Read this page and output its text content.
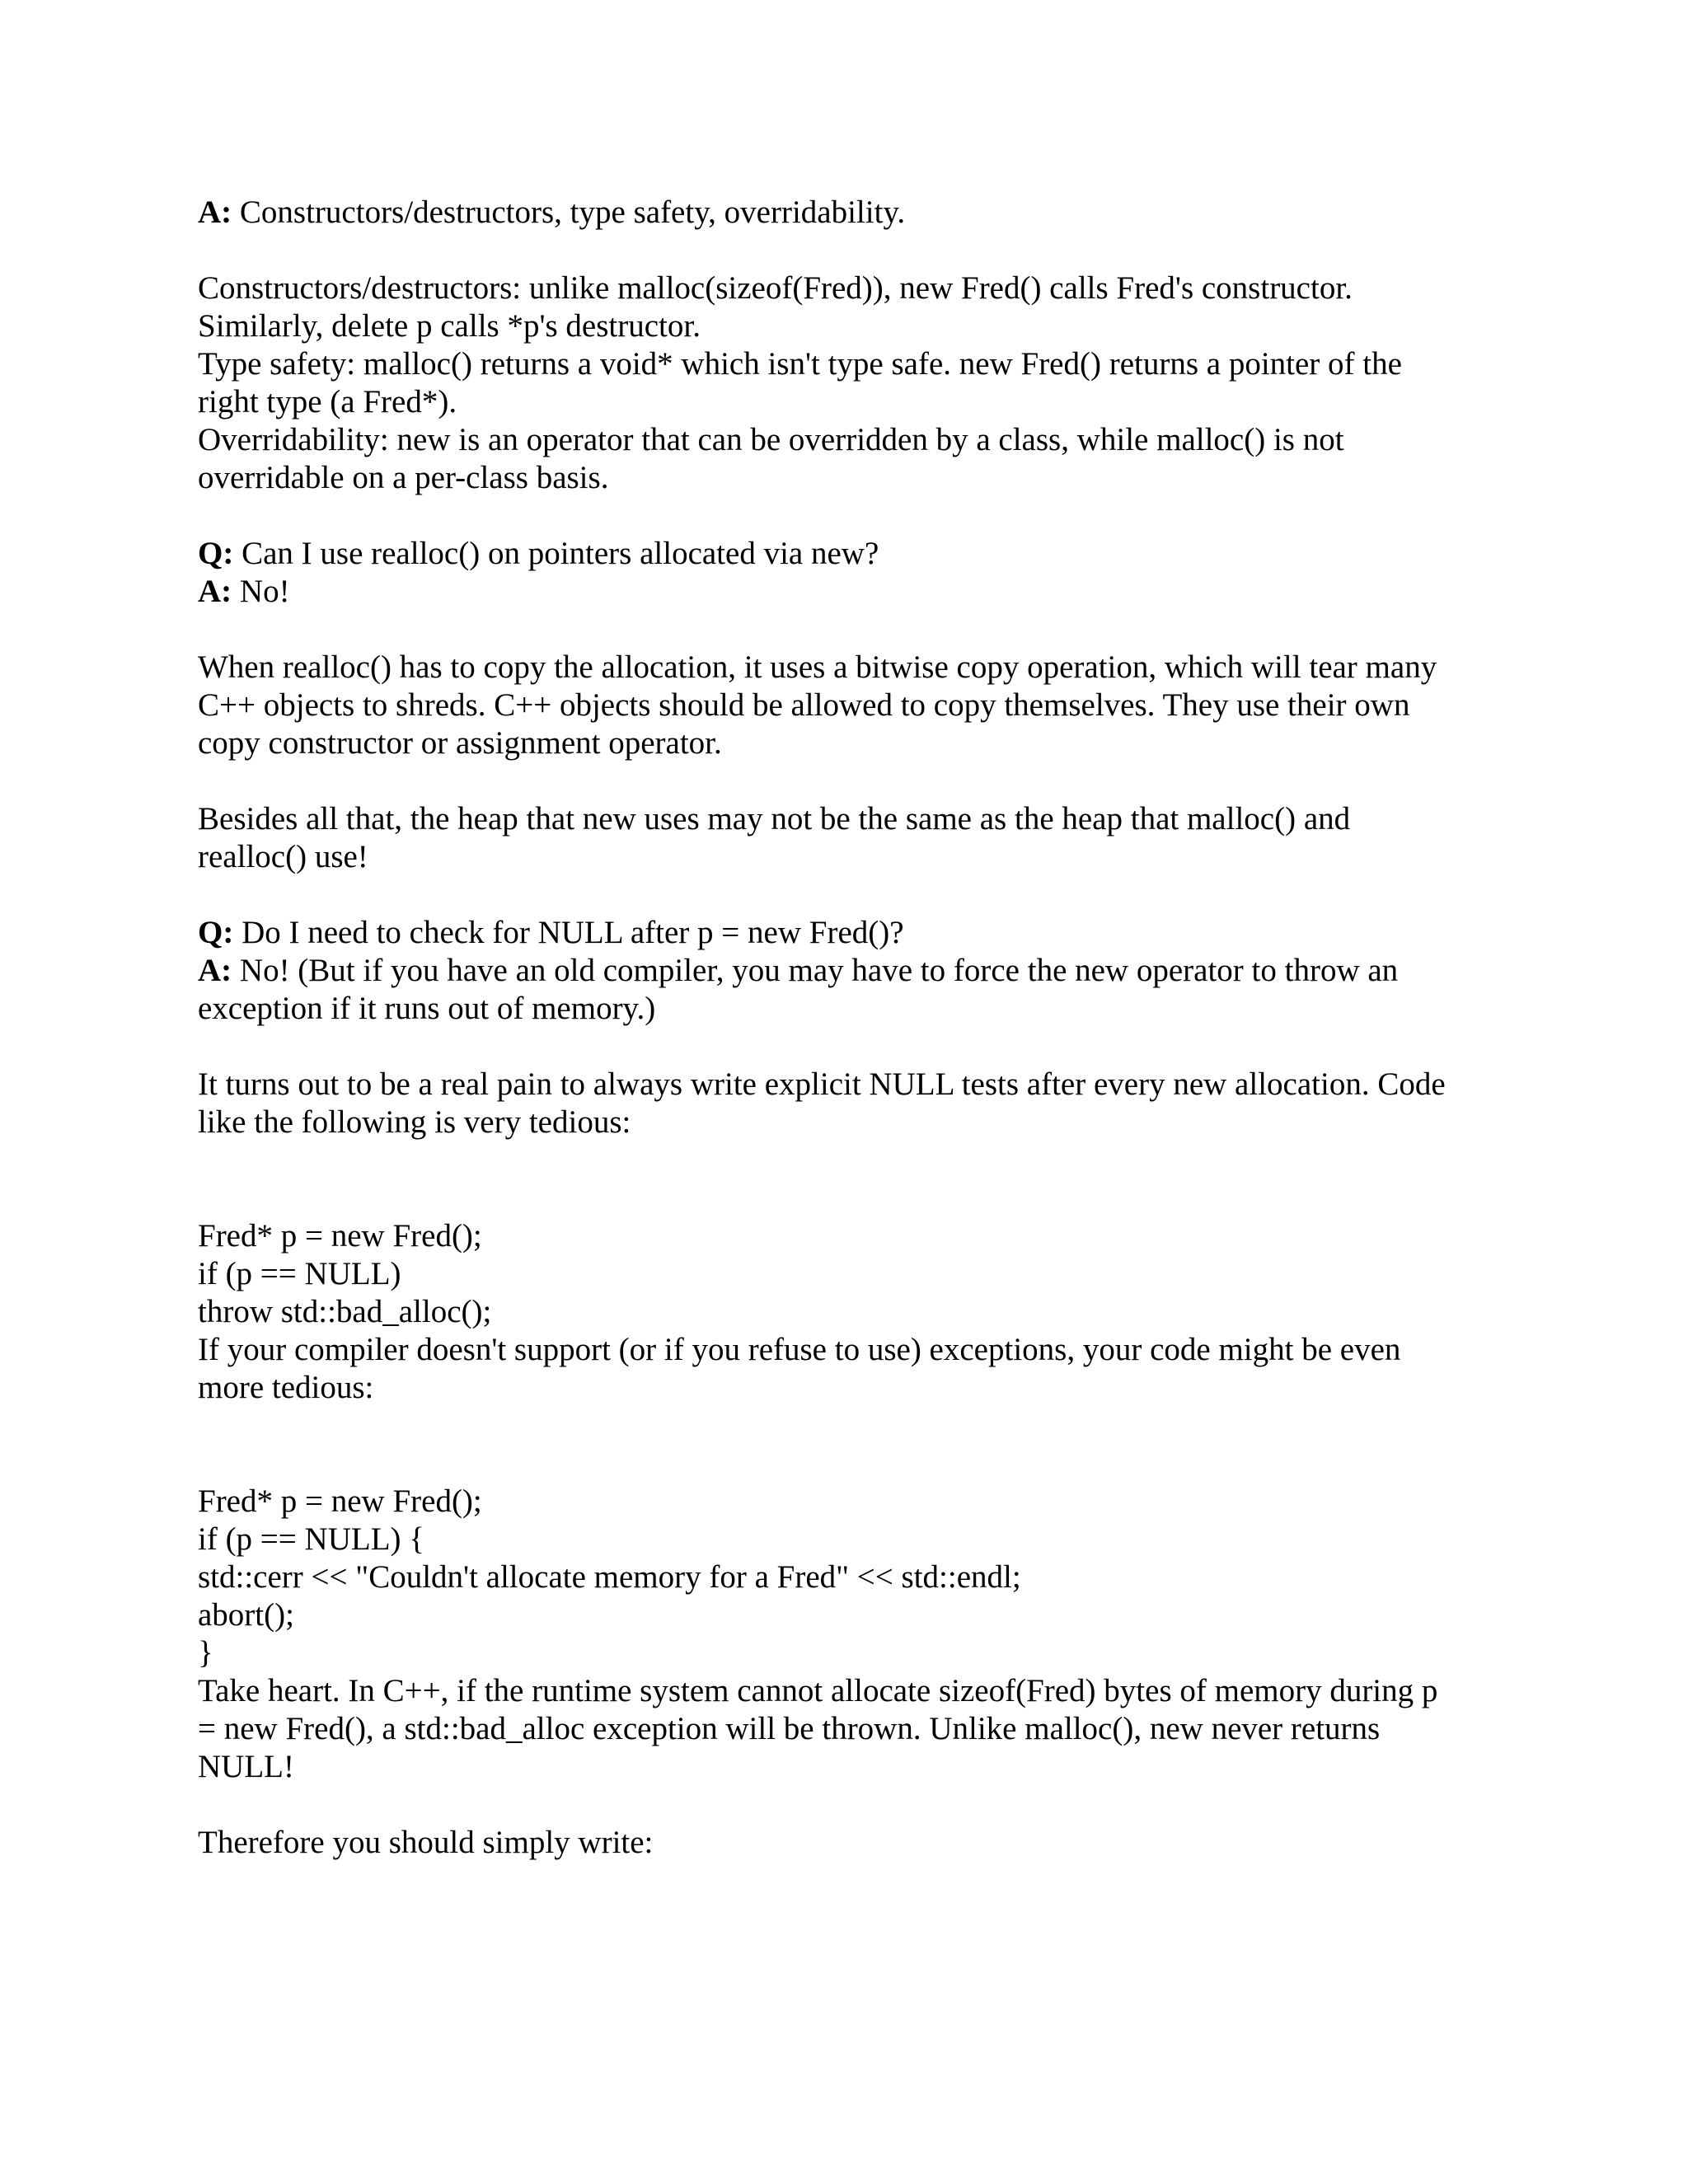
A: Constructors/destructors, type safety, overridability.

Constructors/destructors: unlike malloc(sizeof(Fred)), new Fred() calls Fred's constructor.
Similarly, delete p calls *p's destructor.
Type safety: malloc() returns a void* which isn't type safe. new Fred() returns a pointer of the
right type (a Fred*).
Overridability: new is an operator that can be overridden by a class, while malloc() is not
overridable on a per-class basis.

Q: Can I use realloc() on pointers allocated via new?
A: No!

When realloc() has to copy the allocation, it uses a bitwise copy operation, which will tear many
C++ objects to shreds. C++ objects should be allowed to copy themselves. They use their own
copy constructor or assignment operator.

Besides all that, the heap that new uses may not be the same as the heap that malloc() and
realloc() use!

Q: Do I need to check for NULL after p = new Fred()?
A: No! (But if you have an old compiler, you may have to force the new operator to throw an
exception if it runs out of memory.)

It turns out to be a real pain to always write explicit NULL tests after every new allocation. Code
like the following is very tedious:

Fred* p = new Fred();
if (p == NULL)
throw std::bad_alloc();

If your compiler doesn't support (or if you refuse to use) exceptions, your code might be even
more tedious:

Fred* p = new Fred();
if (p == NULL) {
std::cerr << "Couldn't allocate memory for a Fred" << std::endl;
abort();
}

Take heart. In C++, if the runtime system cannot allocate sizeof(Fred) bytes of memory during p
= new Fred(), a std::bad_alloc exception will be thrown. Unlike malloc(), new never returns
NULL!

Therefore you should simply write:
